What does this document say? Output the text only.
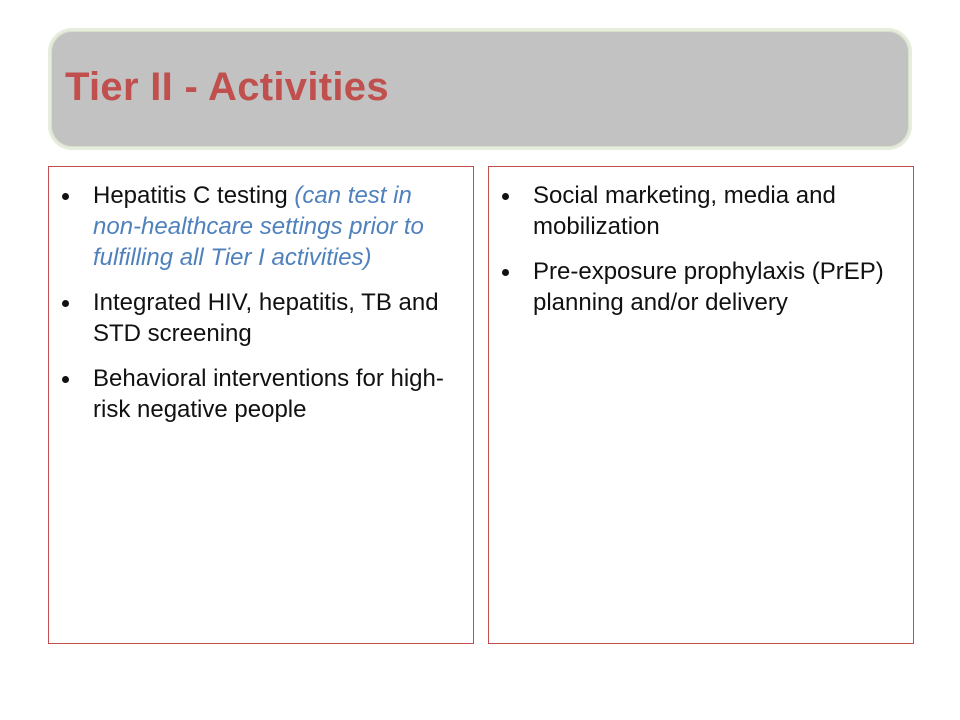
Tier II - Activities
Hepatitis C testing (can test in non-healthcare settings prior to fulfilling all Tier I activities)
Integrated HIV, hepatitis, TB and STD screening
Behavioral interventions for high-risk negative people
Social marketing, media and mobilization
Pre-exposure prophylaxis (PrEP) planning and/or delivery
